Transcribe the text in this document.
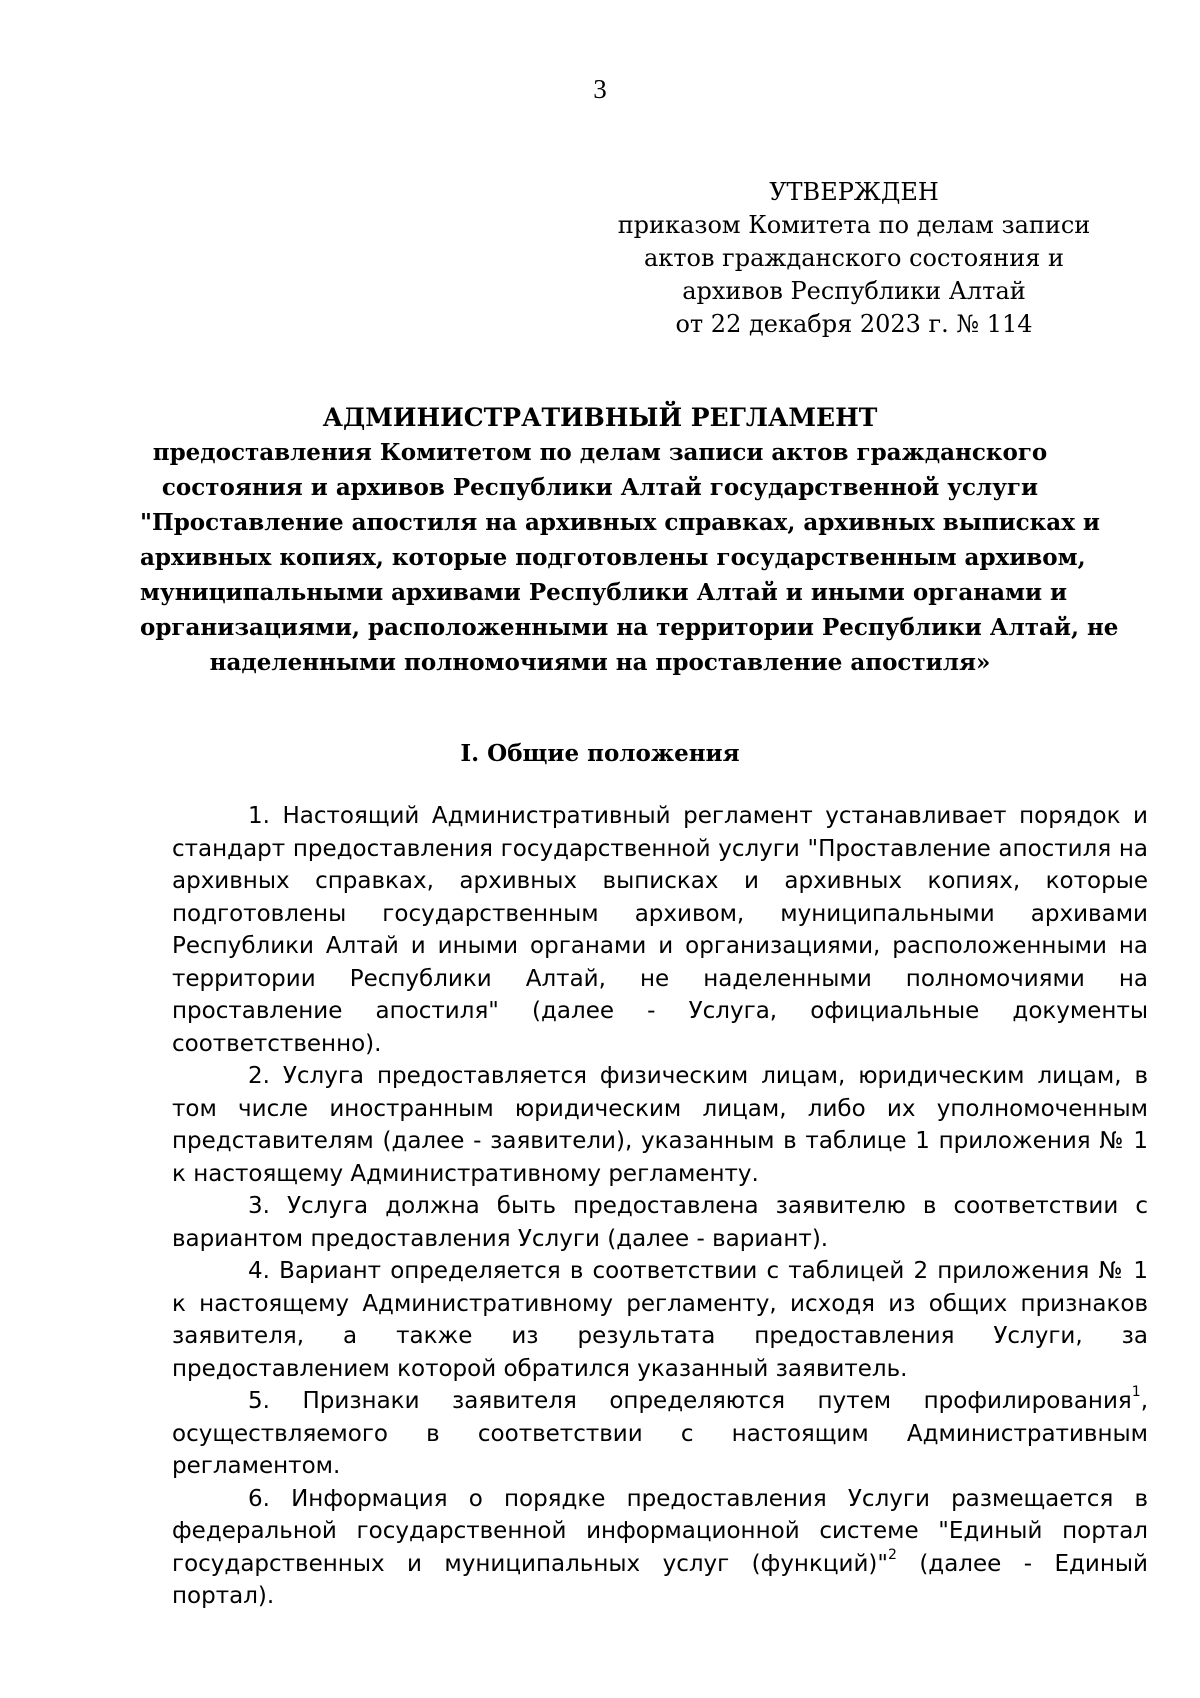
3
УТВЕРЖДЕН
приказом Комитета по делам записи
актов гражданского состояния и
архивов Республики Алтай
от 22 декабря 2023 г. № 114
АДМИНИСТРАТИВНЫЙ РЕГЛАМЕНТ
предоставления Комитетом по делам записи актов гражданского
состояния и архивов Республики Алтай государственной услуги
"Проставление апостиля на архивных справках, архивных выписках и
архивных копиях, которые подготовлены государственным архивом,
муниципальными архивами Республики Алтай и иными органами и
организациями, расположенными на территории Республики Алтай, не
наделенными полномочиями на проставление апостиля»
I. Общие положения

1. Настоящий Административный регламент устанавливает порядок и стандарт предоставления государственной услуги "Проставление апостиля на архивных справках, архивных выписках и архивных копиях, которые подготовлены государственным архивом, муниципальными архивами Республики Алтай и иными органами и организациями, расположенными на территории Республики Алтай, не наделенными полномочиями на проставление апостиля" (далее - Услуга, официальные документы соответственно).

2. Услуга предоставляется физическим лицам, юридическим лицам, в том числе иностранным юридическим лицам, либо их уполномоченным представителям (далее - заявители), указанным в таблице 1 приложения № 1 к настоящему Административному регламенту.

3. Услуга должна быть предоставлена заявителю в соответствии с вариантом предоставления Услуги (далее - вариант).

4. Вариант определяется в соответствии с таблицей 2 приложения № 1 к настоящему Административному регламенту, исходя из общих признаков заявителя, а также из результата предоставления Услуги, за предоставлением которой обратился указанный заявитель.

5. Признаки заявителя определяются путем профилирования$^1$, осуществляемого в соответствии с настоящим Административным регламентом.

6. Информация о порядке предоставления Услуги размещается в федеральной государственной информационной системе "Единый портал государственных и муниципальных услуг (функций)"$^2$ (далее - Единый портал).
